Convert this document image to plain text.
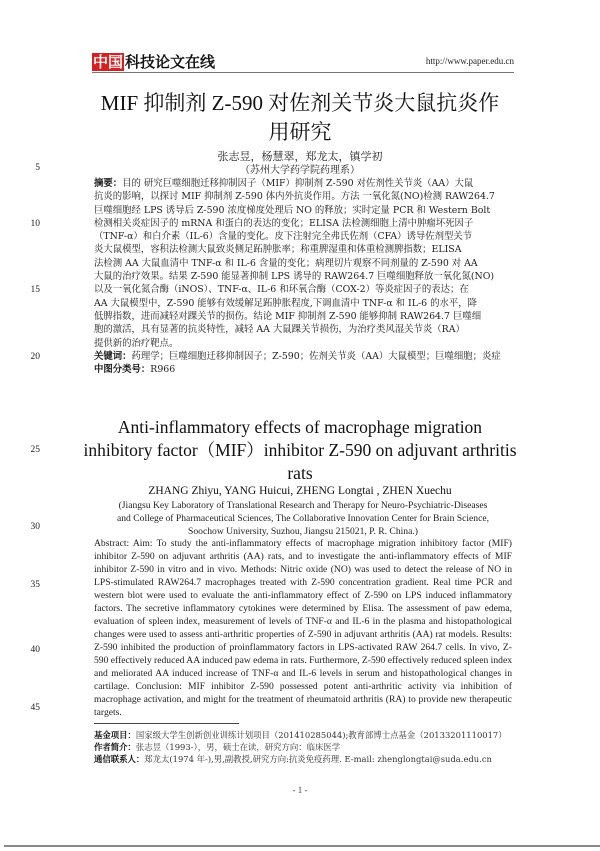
中国 科技论文在线	http://www.paper.edu.cn
MIF 抑制剂 Z-590 对佐剂关节炎大鼠抗炎作
用研究
张志昱，杨慧翠，郑龙太，镇学初
（苏州大学药学院药理系）
5
10
15
20
25
30
35
40
45
摘要：目的 研究巨噬细胞迁移抑制因子（MIF）抑制剂 Z-590 对佐剂性关节炎（AA）大鼠
抗炎的影响，以探讨 MIF 抑制剂 Z-590 体内外抗炎作用。方法 一氧化氮(NO)检测 RAW264.7
巨噬细胞经 LPS 诱导后 Z-590 浓度梯度处理后 NO 的释放；实时定量 PCR 和 Western Bolt
检测相关炎症因子的 mRNA 和蛋白的表达的变化；ELISA 法检测细胞上清中肿瘤坏死因子
（TNF-α）和白介素（IL-6）含量的变化。皮下注射完全弗氏佐剂（CFA）诱导佐剂型关节
炎大鼠模型，容积法检测大鼠致炎侧足跖肿胀率；称重脾湿重和体重检测脾指数；ELISA
法检测 AA 大鼠血清中 TNF-α 和 IL-6 含量的变化；病理切片观察不同剂量的 Z-590 对 AA
大鼠的治疗效果。结果 Z-590 能显著抑制 LPS 诱导的 RAW264.7 巨噬细胞释放一氧化氮(NO)
以及一氧化氮合酶（iNOS）、TNF-α、IL-6 和环氧合酶（COX-2）等炎症因子的表达；在
AA 大鼠模型中，Z-590 能够有效缓解足跖肿胀程度,下调血清中 TNF-α 和 IL-6 的水平，降
低脾指数，进而减轻对踝关节的损伤。结论 MIF 抑制剂 Z-590 能够抑制 RAW264.7 巨噬细
胞的激活，具有显著的抗炎特性，减轻 AA 大鼠踝关节损伤，为治疗类风湿关节炎（RA）
提供新的治疗靶点。
关键词：药理学；巨噬细胞迁移抑制因子；Z-590；佐剂关节炎（AA）大鼠模型；巨噬细胞；炎症
中图分类号：R966
Anti-inflammatory effects of macrophage migration
inhibitory factor（MIF）inhibitor Z-590 on adjuvant arthritis
rats
ZHANG Zhiyu, YANG Huicui, ZHENG Longtai , ZHEN Xuechu
(Jiangsu Key Laboratory of Translational Research and Therapy for Neuro-Psychiatric-Diseases
and College of Pharmaceutical Sciences, The Collaborative Innovation Center for Brain Science,
Soochow University, Suzhou, Jiangsu 215021, P. R. China.)
Abstract: Aim: To study the anti-inflammatory effects of macrophage migration inhibitory factor (MIF) inhibitor Z-590 on adjuvant arthritis (AA) rats, and to investigate the anti-inflammatory effects of MIF inhibitor Z-590 in vitro and in vivo. Methods: Nitric oxide (NO) was used to detect the release of NO in LPS-stimulated RAW264.7 macrophages treated with Z-590 concentration gradient. Real time PCR and western blot were used to evaluate the anti-inflammatory effect of Z-590 on LPS induced inflammatory factors. The secretive inflammatory cytokines were determined by Elisa. The assessment of paw edema, evaluation of spleen index, measurement of levels of TNF-α and IL-6 in the plasma and histopathological changes were used to assess anti-arthritic properties of Z-590 in adjuvant arthritis (AA) rat models. Results: Z-590 inhibited the production of proinflammatory factors in LPS-activated RAW 264.7 cells. In vivo, Z-590 effectively reduced AA induced paw edema in rats. Furthermore, Z-590 effectively reduced spleen index and meliorated AA induced increase of TNF-α and IL-6 levels in serum and histopathological changes in cartilage. Conclusion: MIF inhibitor Z-590 possessed potent anti-arthritic activity via inhibition of macrophage activation, and might for the treatment of rheumatoid arthritis (RA) to provide new therapeutic targets.
基金项目：国家级大学生创新创业训练计划项目（201410285044);教育部博士点基金（20133201110017）
作者简介：张志昱（1993-），男，硕士在读，研究方向：临床医学
通信联系人：郑龙太(1974 年-),男,副教授,研究方向:抗炎免疫药理. E-mail: zhenglongtai@suda.edu.cn
- 1 -
